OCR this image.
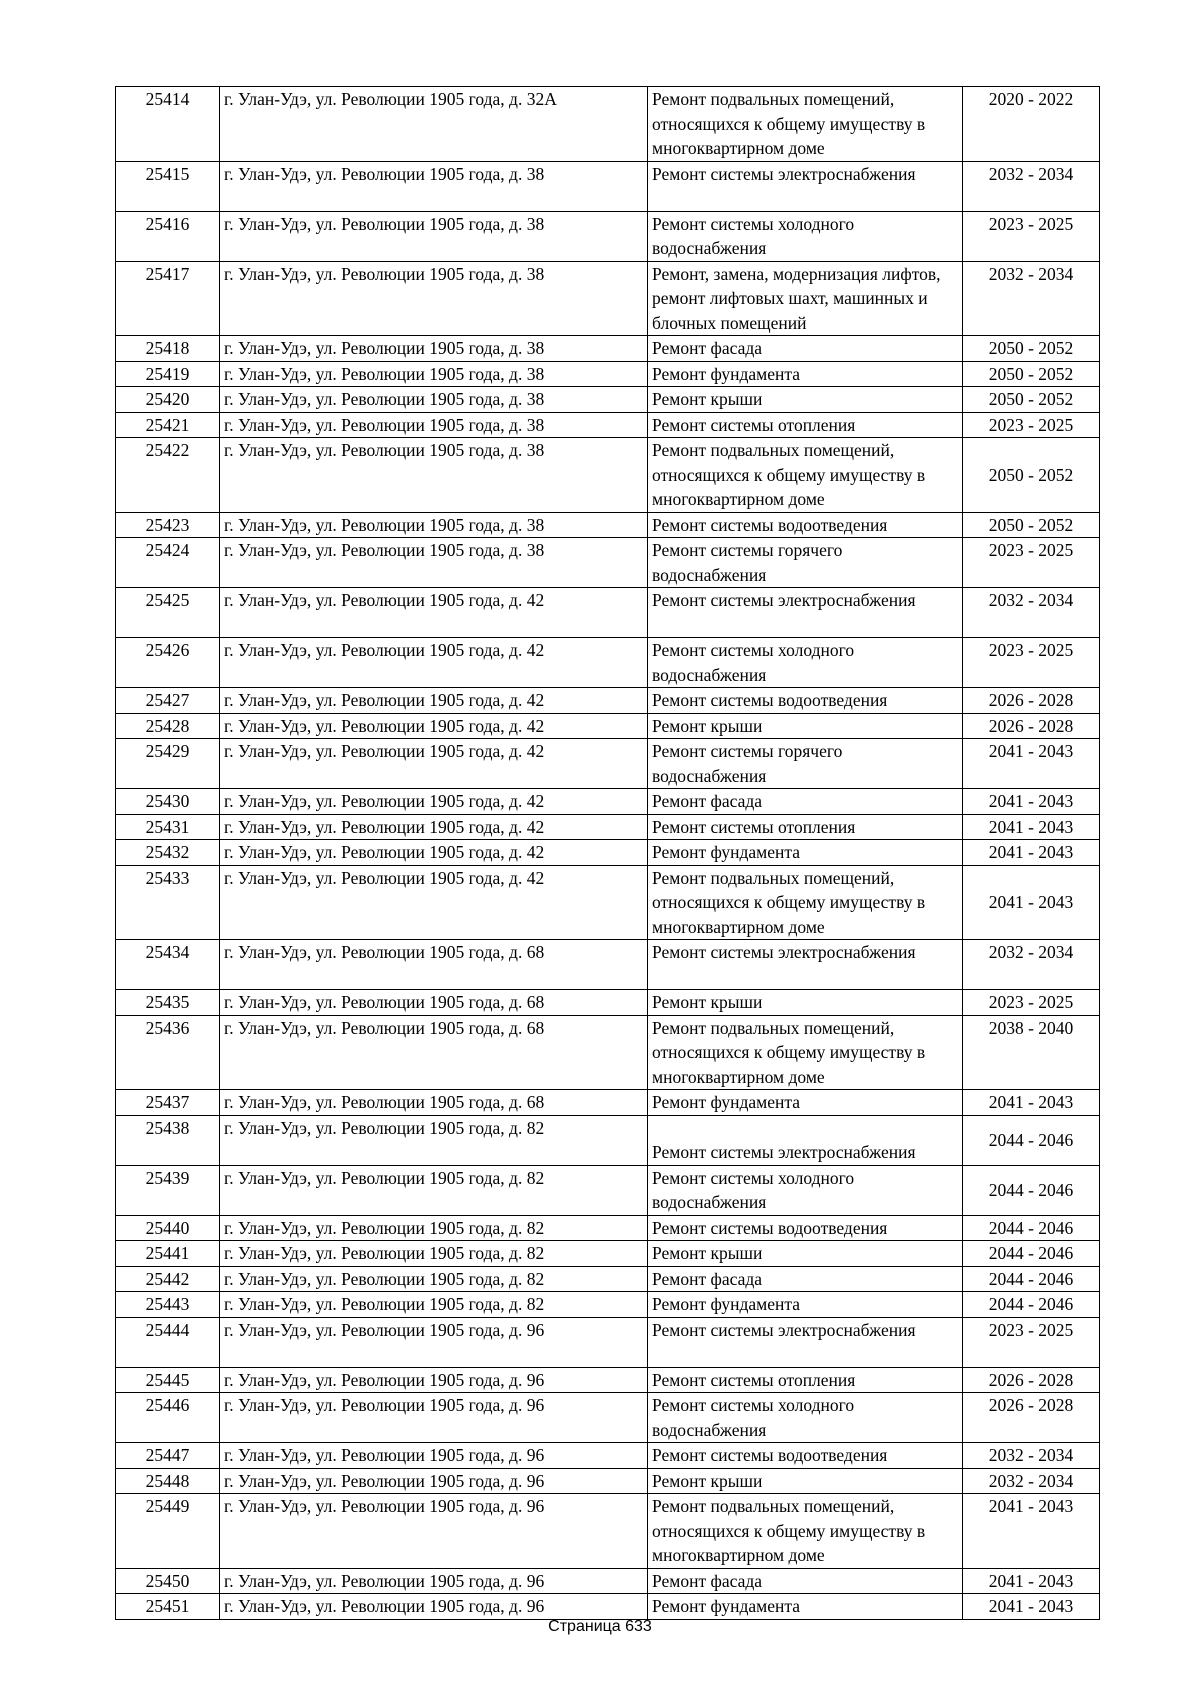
25414	г. Улан-Удэ, ул. Революции 1905 года, д. 32А	Ремонт подвальных помещений, относящихся к общему имуществу в многоквартирном доме	2020 - 2022
25415	г. Улан-Удэ, ул. Революции 1905 года, д. 38	Ремонт системы электроснабжения	2032 - 2034
25416	г. Улан-Удэ, ул. Революции 1905 года, д. 38	Ремонт системы холодного водоснабжения	2023 - 2025
25417	г. Улан-Удэ, ул. Революции 1905 года, д. 38	Ремонт, замена, модернизация лифтов, ремонт лифтовых шахт, машинных и блочных помещений	2032 - 2034
25418	г. Улан-Удэ, ул. Революции 1905 года, д. 38	Ремонт фасада	2050 - 2052
25419	г. Улан-Удэ, ул. Революции 1905 года, д. 38	Ремонт фундамента	2050 - 2052
25420	г. Улан-Удэ, ул. Революции 1905 года, д. 38	Ремонт крыши	2050 - 2052
25421	г. Улан-Удэ, ул. Революции 1905 года, д. 38	Ремонт системы отопления	2023 - 2025
25422	г. Улан-Удэ, ул. Революции 1905 года, д. 38	Ремонт подвальных помещений, относящихся к общему имуществу в многоквартирном доме	2050 - 2052
25423	г. Улан-Удэ, ул. Революции 1905 года, д. 38	Ремонт системы водоотведения	2050 - 2052
25424	г. Улан-Удэ, ул. Революции 1905 года, д. 38	Ремонт системы горячего водоснабжения	2023 - 2025
25425	г. Улан-Удэ, ул. Революции 1905 года, д. 42	Ремонт системы электроснабжения	2032 - 2034
25426	г. Улан-Удэ, ул. Революции 1905 года, д. 42	Ремонт системы холодного водоснабжения	2023 - 2025
25427	г. Улан-Удэ, ул. Революции 1905 года, д. 42	Ремонт системы водоотведения	2026 - 2028
25428	г. Улан-Удэ, ул. Революции 1905 года, д. 42	Ремонт крыши	2026 - 2028
25429	г. Улан-Удэ, ул. Революции 1905 года, д. 42	Ремонт системы горячего водоснабжения	2041 - 2043
25430	г. Улан-Удэ, ул. Революции 1905 года, д. 42	Ремонт фасада	2041 - 2043
25431	г. Улан-Удэ, ул. Революции 1905 года, д. 42	Ремонт системы отопления	2041 - 2043
25432	г. Улан-Удэ, ул. Революции 1905 года, д. 42	Ремонт фундамента	2041 - 2043
25433	г. Улан-Удэ, ул. Революции 1905 года, д. 42	Ремонт подвальных помещений, относящихся к общему имуществу в многоквартирном доме	2041 - 2043
25434	г. Улан-Удэ, ул. Революции 1905 года, д. 68	Ремонт системы электроснабжения	2032 - 2034
25435	г. Улан-Удэ, ул. Революции 1905 года, д. 68	Ремонт крыши	2023 - 2025
25436	г. Улан-Удэ, ул. Революции 1905 года, д. 68	Ремонт подвальных помещений, относящихся к общему имуществу в многоквартирном доме	2038 - 2040
25437	г. Улан-Удэ, ул. Революции 1905 года, д. 68	Ремонт фундамента	2041 - 2043
25438	г. Улан-Удэ, ул. Революции 1905 года, д. 82	Ремонт системы электроснабжения	2044 - 2046
25439	г. Улан-Удэ, ул. Революции 1905 года, д. 82	Ремонт системы холодного водоснабжения	2044 - 2046
25440	г. Улан-Удэ, ул. Революции 1905 года, д. 82	Ремонт системы водоотведения	2044 - 2046
25441	г. Улан-Удэ, ул. Революции 1905 года, д. 82	Ремонт крыши	2044 - 2046
25442	г. Улан-Удэ, ул. Революции 1905 года, д. 82	Ремонт фасада	2044 - 2046
25443	г. Улан-Удэ, ул. Революции 1905 года, д. 82	Ремонт фундамента	2044 - 2046
25444	г. Улан-Удэ, ул. Революции 1905 года, д. 96	Ремонт системы электроснабжения	2023 - 2025
25445	г. Улан-Удэ, ул. Революции 1905 года, д. 96	Ремонт системы отопления	2026 - 2028
25446	г. Улан-Удэ, ул. Революции 1905 года, д. 96	Ремонт системы холодного водоснабжения	2026 - 2028
25447	г. Улан-Удэ, ул. Революции 1905 года, д. 96	Ремонт системы водоотведения	2032 - 2034
25448	г. Улан-Удэ, ул. Революции 1905 года, д. 96	Ремонт крыши	2032 - 2034
25449	г. Улан-Удэ, ул. Революции 1905 года, д. 96	Ремонт подвальных помещений, относящихся к общему имуществу в многоквартирном доме	2041 - 2043
25450	г. Улан-Удэ, ул. Революции 1905 года, д. 96	Ремонт фасада	2041 - 2043
25451	г. Улан-Удэ, ул. Революции 1905 года, д. 96	Ремонт фундамента	2041 - 2043
Страница 633
